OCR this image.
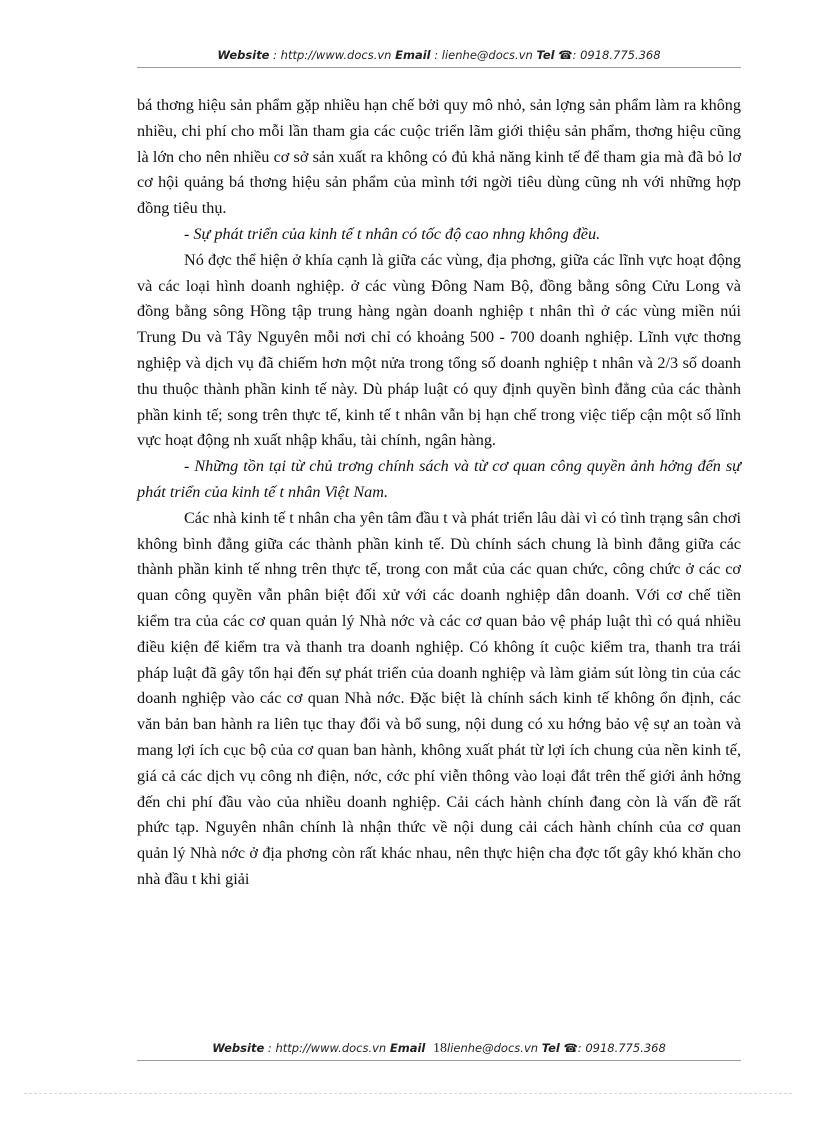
Website : http://www.docs.vn Email : lienhe@docs.vn Tel ☎: 0918.775.368

bá thơng hiệu sản phẩm gặp nhiều hạn chế bởi quy mô nhỏ, sản lợng sản phẩm làm ra không nhiều, chi phí cho mỗi lần tham gia các cuộc triển lãm giới thiệu sản phẩm, thơng hiệu cũng là lớn cho nên nhiều cơ sở sản xuất ra không có đủ khả năng kinh tế để tham gia mà đã bỏ lơ cơ hội quảng bá thơng hiệu sản phẩm của mình tới ngời tiêu dùng cũng nh với những hợp đồng tiêu thụ.

- Sự phát triển của kinh tế t nhân có tốc độ cao nhng không đều.

Nó đợc thể hiện ở khía cạnh là giữa các vùng, địa phơng, giữa các lĩnh vực hoạt động và các loại hình doanh nghiệp. ở các vùng Đông Nam Bộ, đồng bằng sông Cửu Long và đồng bằng sông Hồng tập trung hàng ngàn doanh nghiệp t nhân thì ở các vùng miền núi Trung Du và Tây Nguyên mỗi nơi chỉ có khoảng 500 - 700 doanh nghiệp. Lĩnh vực thơng nghiệp và dịch vụ đã chiếm hơn một nửa trong tổng số doanh nghiệp t nhân và 2/3 số doanh thu thuộc thành phần kinh tế này. Dù pháp luật có quy định quyền bình đẳng của các thành phần kinh tế; song trên thực tế, kinh tế t nhân vẫn bị hạn chế trong việc tiếp cận một số lĩnh vực hoạt động nh xuất nhập khẩu, tài chính, ngân hàng.

- Những tồn tại từ chủ trơng chính sách và từ cơ quan công quyền ảnh hởng đến sự phát triển của kinh tế t nhân Việt Nam.

Các nhà kinh tế t nhân cha yên tâm đầu t và phát triển lâu dài vì có tình trạng sân chơi không bình đẳng giữa các thành phần kinh tế. Dù chính sách chung là bình đẳng giữa các thành phần kinh tế nhng trên thực tế, trong con mắt của các quan chức, công chức ở các cơ quan công quyền vẫn phân biệt đối xử với các doanh nghiệp dân doanh. Với cơ chế tiền kiểm tra của các cơ quan quản lý Nhà nớc và các cơ quan bảo vệ pháp luật thì có quá nhiều điều kiện để kiểm tra và thanh tra doanh nghiệp. Có không ít cuộc kiểm tra, thanh tra trái pháp luật đã gây tổn hại đến sự phát triển của doanh nghiệp và làm giảm sút lòng tin của các doanh nghiệp vào các cơ quan Nhà nớc. Đặc biệt là chính sách kinh tế không ổn định, các văn bản ban hành ra liên tục thay đổi và bổ sung, nội dung có xu hớng bảo vệ sự an toàn và mang lợi ích cục bộ của cơ quan ban hành, không xuất phát từ lợi ích chung của nền kinh tế, giá cả các dịch vụ công nh điện, nớc, cớc phí viễn thông vào loại đắt trên thế giới ảnh hởng đến chi phí đầu vào của nhiều doanh nghiệp. Cải cách hành chính đang còn là vấn đề rất phức tạp. Nguyên nhân chính là nhận thức về nội dung cải cách hành chính của cơ quan quản lý Nhà nớc ở địa phơng còn rất khác nhau, nên thực hiện cha đợc tốt gây khó khăn cho nhà đầu t khi giải

Website : http://www.docs.vn Email 18lienhe@docs.vn Tel ☎: 0918.775.368
